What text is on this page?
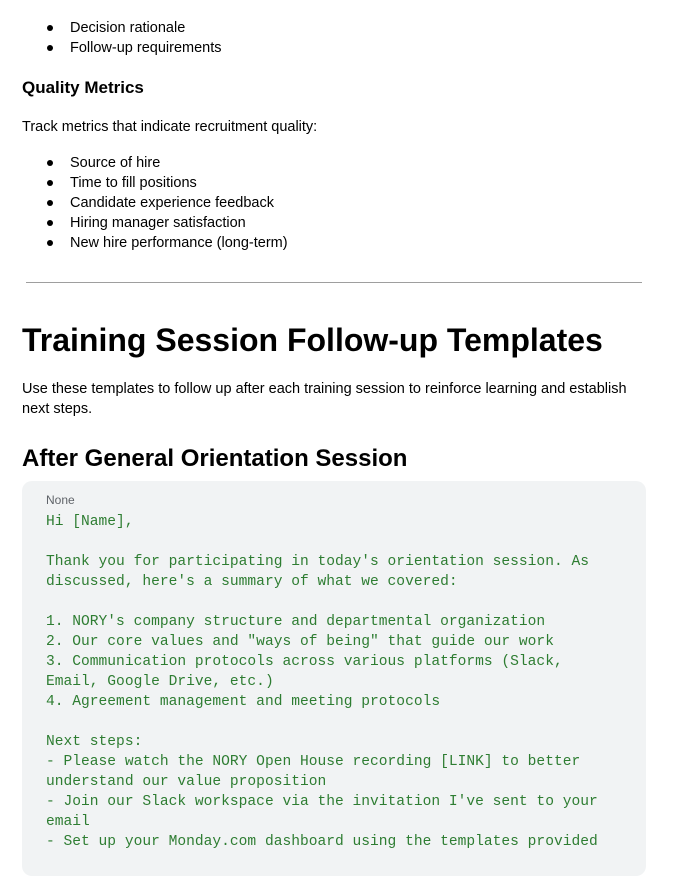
Decision rationale
Follow-up requirements
Quality Metrics

Track metrics that indicate recruitment quality:

Source of hire
Time to fill positions
Candidate experience feedback
Hiring manager satisfaction
New hire performance (long-term)
Training Session Follow-up Templates

Use these templates to follow up after each training session to reinforce learning and establish next steps.

After General Orientation Session
None
Hi [Name],

Thank you for participating in today's orientation session. As
discussed, here's a summary of what we covered:

1. NORY's company structure and departmental organization
2. Our core values and "ways of being" that guide our work
3. Communication protocols across various platforms (Slack,
Email, Google Drive, etc.)
4. Agreement management and meeting protocols

Next steps:
- Please watch the NORY Open House recording [LINK] to better
understand our value proposition
- Join our Slack workspace via the invitation I've sent to your
email
- Set up your Monday.com dashboard using the templates provided
